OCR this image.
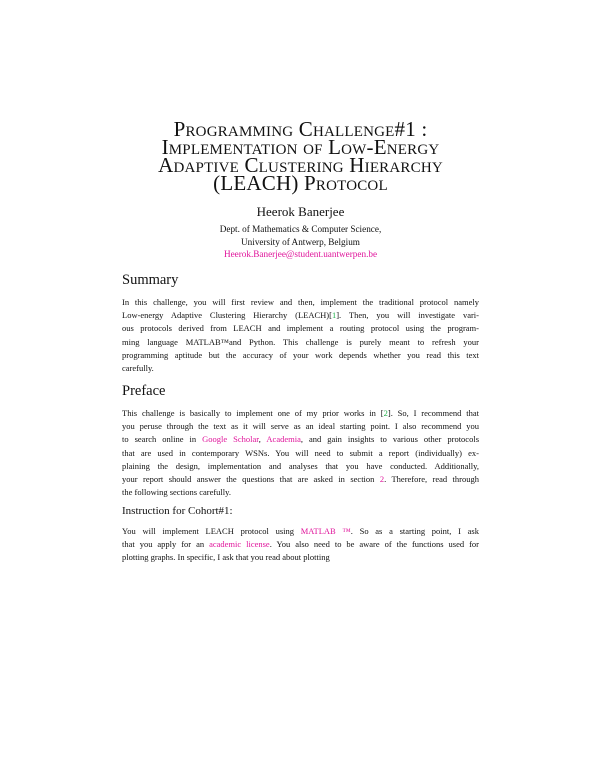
Programming Challenge#1 :
Implementation of Low-Energy
Adaptive Clustering Hierarchy
(LEACH) Protocol
Heerok Banerjee
Dept. of Mathematics & Computer Science,
University of Antwerp, Belgium
Heerok.Banerjee@student.uantwerpen.be
Summary
In this challenge, you will first review and then, implement the traditional protocol namely
Low-energy Adaptive Clustering Hierarchy (LEACH)[1]. Then, you will investigate vari-
ous protocols derived from LEACH and implement a routing protocol using the program-
ming language MATLAB™and Python. This challenge is purely meant to refresh your
programming aptitude but the accuracy of your work depends whether you read this text
carefully.
Preface
This challenge is basically to implement one of my prior works in [2]. So, I recommend that
you peruse through the text as it will serve as an ideal starting point. I also recommend you
to search online in Google Scholar, Academia, and gain insights to various other protocols
that are used in contemporary WSNs. You will need to submit a report (individually) ex-
plaining the design, implementation and analyses that you have conducted. Additionally,
your report should answer the questions that are asked in section 2. Therefore, read through
the following sections carefully.
Instruction for Cohort#1:
You will implement LEACH protocol using MATLAB ™. So as a starting point, I ask
that you apply for an academic license. You also need to be aware of the functions used for
plotting graphs. In specific, I ask that you read about plotting
